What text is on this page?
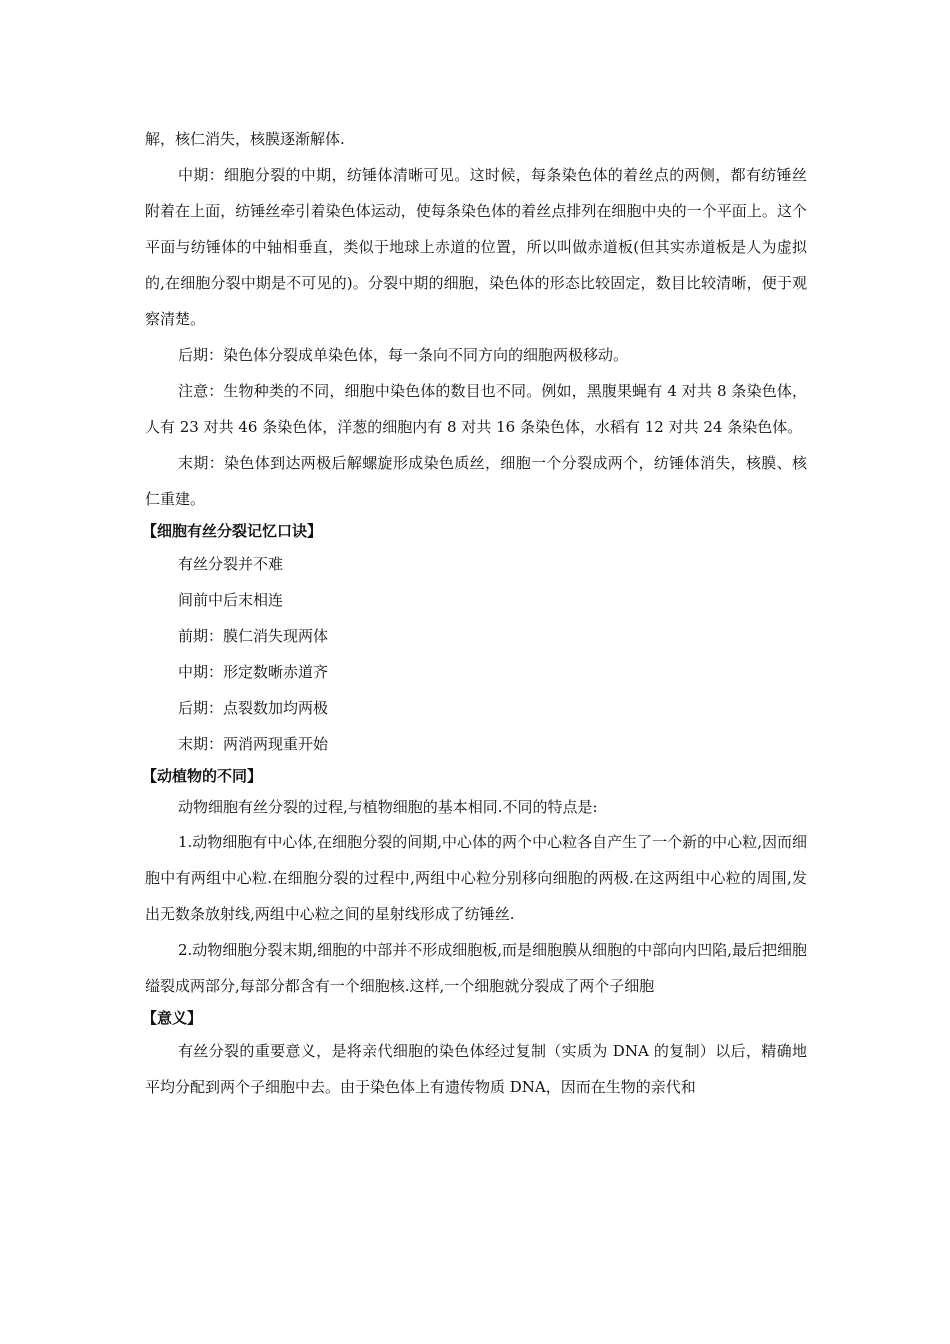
解，核仁消失，核膜逐渐解体.

中期：细胞分裂的中期，纺锤体清晰可见。这时候，每条染色体的着丝点的两侧，都有纺锤丝附着在上面，纺锤丝牵引着染色体运动，使每条染色体的着丝点排列在细胞中央的一个平面上。这个平面与纺锤体的中轴相垂直，类似于地球上赤道的位置，所以叫做赤道板(但其实赤道板是人为虚拟的,在细胞分裂中期是不可见的)。分裂中期的细胞，染色体的形态比较固定，数目比较清晰，便于观察清楚。

后期：染色体分裂成单染色体，每一条向不同方向的细胞两极移动。

注意：生物种类的不同，细胞中染色体的数目也不同。例如，黑腹果蝇有 4 对共 8 条染色体，人有 23 对共 46 条染色体，洋葱的细胞内有 8 对共 16 条染色体，水稻有 12 对共 24 条染色体。

末期：染色体到达两极后解螺旋形成染色质丝，细胞一个分裂成两个，纺锤体消失，核膜、核仁重建。

【细胞有丝分裂记忆口诀】

有丝分裂并不难

间前中后末相连

前期：膜仁消失现两体

中期：形定数晰赤道齐

后期：点裂数加均两极

末期：两消两现重开始

【动植物的不同】

动物细胞有丝分裂的过程,与植物细胞的基本相同.不同的特点是:

1.动物细胞有中心体,在细胞分裂的间期,中心体的两个中心粒各自产生了一个新的中心粒,因而细胞中有两组中心粒.在细胞分裂的过程中,两组中心粒分别移向细胞的两极.在这两组中心粒的周围,发出无数条放射线,两组中心粒之间的星射线形成了纺锤丝.

2.动物细胞分裂末期,细胞的中部并不形成细胞板,而是细胞膜从细胞的中部向内凹陷,最后把细胞缢裂成两部分,每部分都含有一个细胞核.这样,一个细胞就分裂成了两个子细胞

【意义】

有丝分裂的重要意义，是将亲代细胞的染色体经过复制（实质为 DNA 的复制）以后，精确地平均分配到两个子细胞中去。由于染色体上有遗传物质 DNA，因而在生物的亲代和
